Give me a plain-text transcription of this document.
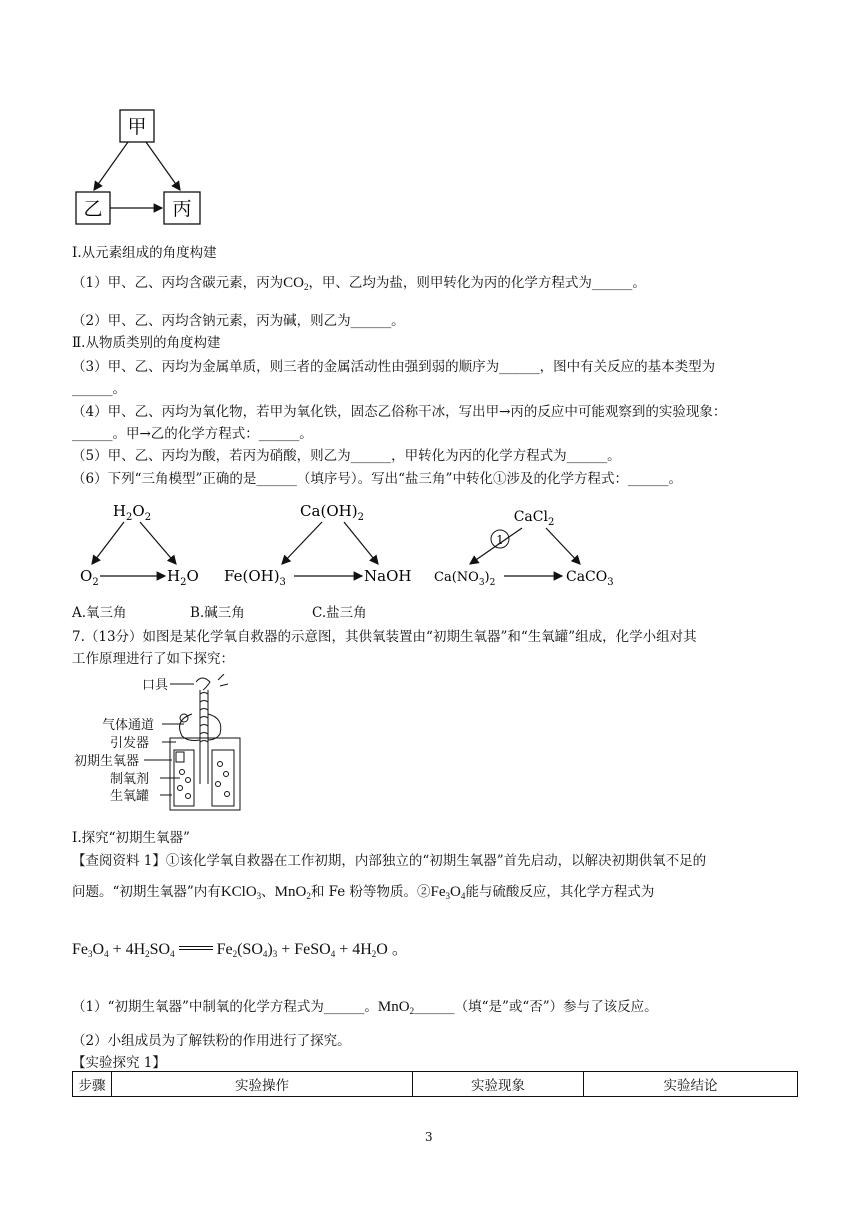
甲
乙	丙
Ⅰ.从元素组成的角度构建
（1）甲、乙、丙均含碳元素，丙为$CO_2$，甲、乙均为盐，则甲转化为丙的化学方程式为______。
（2）甲、乙、丙均含钠元素，丙为碱，则乙为______。
Ⅱ.从物质类别的角度构建
（3）甲、乙、丙均为金属单质，则三者的金属活动性由强到弱的顺序为______，图中有关反应的基本类型为
______。
（4）甲、乙、丙均为氧化物，若甲为氧化铁，固态乙俗称干冰，写出甲→丙的反应中可能观察到的实验现象：
______。甲→乙的化学方程式：______。
（5）甲、乙、丙均为酸，若丙为硝酸，则乙为______，甲转化为丙的化学方程式为______。
（6）下列“三角模型”正确的是______（填序号）。写出“盐三角”中转化①涉及的化学方程式：______。
$H_2O_2$
$O_2$	$H_2O$
$Ca(OH)_2$
$Fe(OH)_3$	NaOH
CaCl$_2$
$Ca(NO_3)_2$	CaCO$_3$
1
A.氧三角	B.碱三角	C.盐三角
7.（13分）如图是某化学氧自救器的示意图，其供氧装置由“初期生氧器”和“生氧罐”组成，化学小组对其
工作原理进行了如下探究：
口具
气体通道
引发器
初期生氧器
制氧剂
生氧罐
Ⅰ.探究“初期生氧器”
【查阅资料 1】①该化学氧自救器在工作初期，内部独立的“初期生氧器”首先启动，以解决初期供氧不足的
问题。“初期生氧器”内有KClO$_3$、MnO$_2$和 Fe 粉等物质。$②Fe_3O_4$能与硫酸反应，其化学方程式为
$Fe_3O_4 + 4H_2SO_4$  $Fe_2(SO_4)_3$ + FeSO$_4$ + $4H_2O$ 。
（1）“初期生氧器”中制氧的化学方程式为______。MnO$_2$______（填“是”或“否”）参与了该反应。
（2）小组成员为了解铁粉的作用进行了探究。
【实验探究 1】
步骤	实验操作	实验现象	实验结论
3
